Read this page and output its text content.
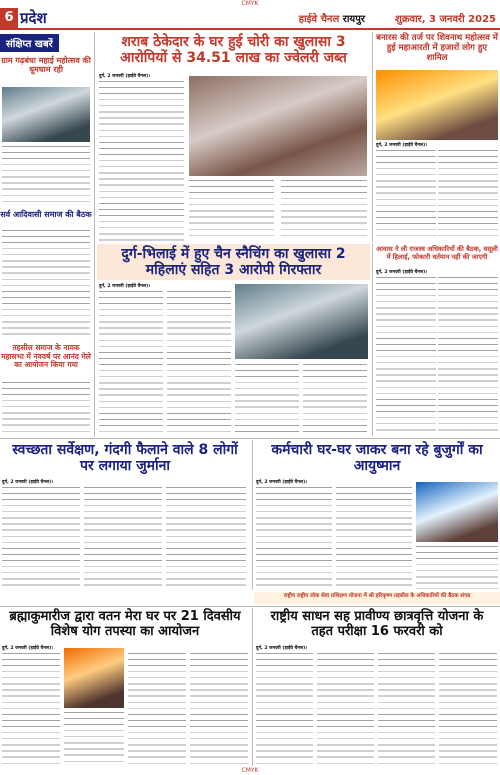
CMYK
6 प्रदेश	हाईवे चैनल रायपुर	शुक्रवार, 3 जनवरी 2025
संक्षिप्त खबरें
ग्राम गढ़बंधा महाई महोत्सव की धूमधाम रही
सर्व आदिवासी समाज की बैठक
तहसील समाज के नायक महासभा में नववर्ष पर आनंद मेले का आयोजन किया गया
शराब ठेकेदार के घर हुई चोरी का खुलासा 3 आरोपियों से 34.51 लाख का ज्वेलरी जब्त
दुर्ग, 2 जनवरी (हाईवे चैनल)।
बनारस की तर्ज पर शिवनाथ महोत्सव में हुई महाआरती में हजारों लोग हुए शामिल
दुर्ग, 2 जनवरी (हाईवे चैनल)।
दुर्ग-भिलाई में हुए चैन स्नैचिंग का खुलासा 2 महिलाएं सहित 3 आरोपी गिरफ्तार
दुर्ग, 2 जनवरी (हाईवे चैनल)।
आवास ने ली राजस्व अधिकारियों की बैठक, वसूली में हिलाई, फोकारी वर्तमान नहीं की जाएगी
दुर्ग, 2 जनवरी (हाईवे चैनल)।
स्वच्छता सर्वेक्षण, गंदगी फैलाने वाले 8 लोगों पर लगाया जुर्माना
दुर्ग, 2 जनवरी (हाईवे चैनल)।
कर्मचारी घर-घर जाकर बना रहे बुजुर्गों का आयुष्मान
दुर्ग, 2 जनवरी (हाईवे चैनल)।
राष्ट्रीय राष्ट्रीय लोक सेवा प्रशिक्षण योजना में श्री हरिकृष्ण तहसील के अधिकारियों की बैठक संपन्न
ब्रह्माकुमारीज द्वारा वतन मेरा घर पर 21 दिवसीय विशेष योग तपस्या का आयोजन
दुर्ग, 2 जनवरी (हाईवे चैनल)।
राष्ट्रीय साधन सह प्रावीण्य छात्रवृत्ति योजना के तहत परीक्षा 16 फरवरी को
दुर्ग, 2 जनवरी (हाईवे चैनल)।
CMYK
